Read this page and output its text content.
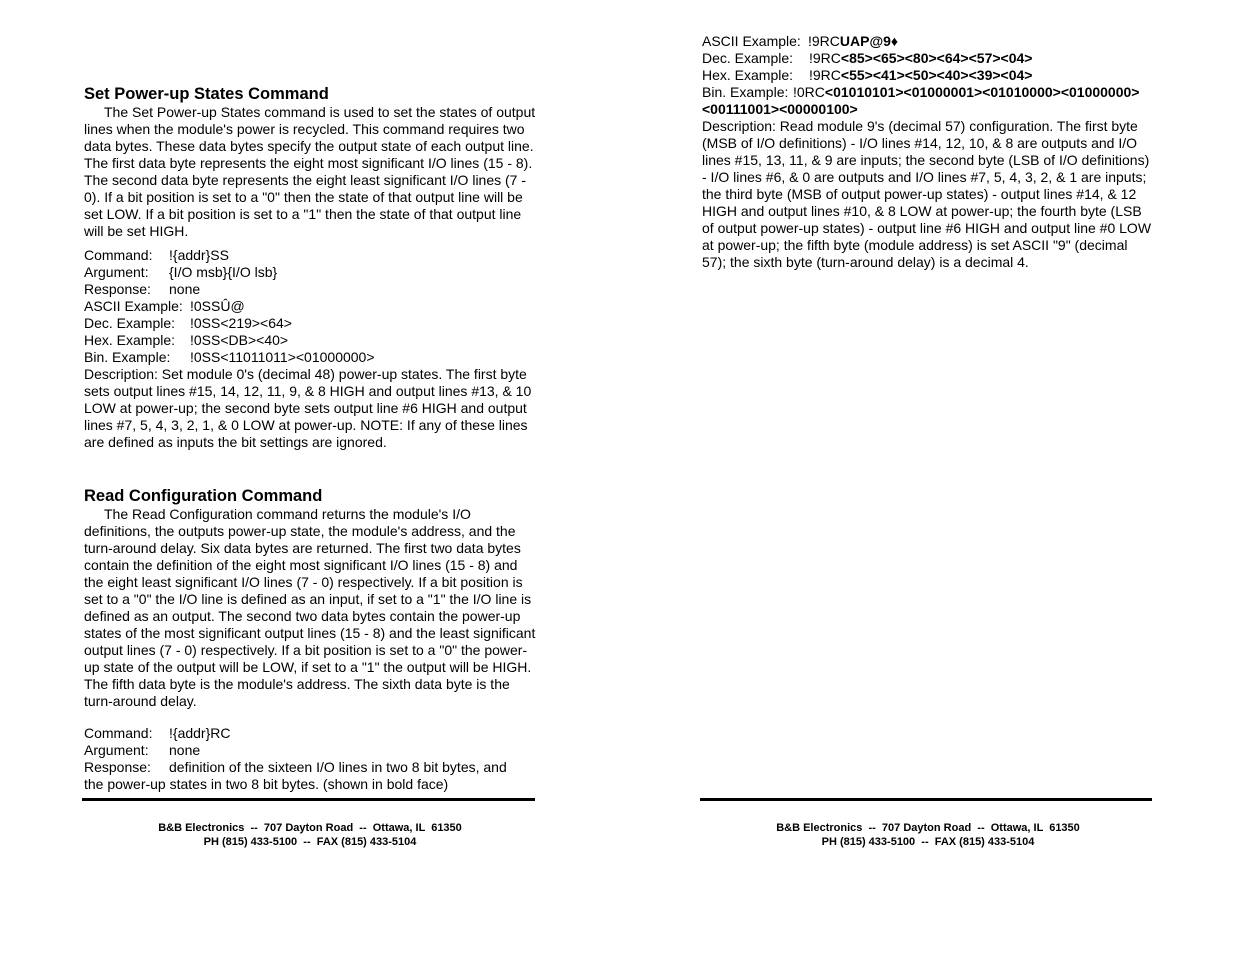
Set Power-up States Command

The Set Power-up States command is used to set the states of output lines when the module's power is recycled. This command requires two data bytes. These data bytes specify the output state of each output line. The first data byte represents the eight most significant I/O lines (15 - 8). The second data byte represents the eight least significant I/O lines (7 - 0). If a bit position is set to a "0" then the state of that output line will be set LOW. If a bit position is set to a "1" then the state of that output line will be set HIGH.

Command: !{addr}SS
Argument: {I/O msb}{I/O lsb}
Response: none
ASCII Example: !0SSÛ@
Dec. Example: !0SS<219><64>
Hex. Example: !0SS<DB><40>
Bin. Example: !0SS<11011011><01000000>

Description: Set module 0's (decimal 48) power-up states. The first byte sets output lines #15, 14, 12, 11, 9, & 8 HIGH and output lines #13, & 10 LOW at power-up; the second byte sets output line #6 HIGH and output lines #7, 5, 4, 3, 2, 1, & 0 LOW at power-up. NOTE: If any of these lines are defined as inputs the bit settings are ignored.

Read Configuration Command

The Read Configuration command returns the module's I/O definitions, the outputs power-up state, the module's address, and the turn-around delay. Six data bytes are returned. The first two data bytes contain the definition of the eight most significant I/O lines (15 - 8) and the eight least significant I/O lines (7 - 0) respectively. If a bit position is set to a "0" the I/O line is defined as an input, if set to a "1" the I/O line is defined as an output. The second two data bytes contain the power-up states of the most significant output lines (15 - 8) and the least significant output lines (7 - 0) respectively. If a bit position is set to a "0" the power-up state of the output will be LOW, if set to a "1" the output will be HIGH. The fifth data byte is the module's address. The sixth data byte is the turn-around delay.

Command: !{addr}RC
Argument: none
Response: definition of the sixteen I/O lines in two 8 bit bytes, and
the power-up states in two 8 bit bytes. (shown in bold face)
B&B Electronics  --  707 Dayton Road  --  Ottawa, IL  61350
PH (815) 433-5100  --  FAX (815) 433-5104
ASCII Example: !9RCUAP@9♦
Dec. Example: !9RC<85><65><80><64><57><04>
Hex. Example: !9RC<55><41><50><40><39><04>
Bin. Example: !0RC<01010101><01000001><01010000><01000000>
<00111001><00000100>

Description: Read module 9's (decimal 57) configuration. The first byte (MSB of I/O definitions) - I/O lines #14, 12, 10, & 8 are outputs and I/O lines #15, 13, 11, & 9 are inputs; the second byte (LSB of I/O definitions) - I/O lines #6, & 0 are outputs and I/O lines #7, 5, 4, 3, 2, & 1 are inputs; the third byte (MSB of output power-up states) - output lines #14, & 12 HIGH and output lines #10, & 8 LOW at power-up; the fourth byte (LSB of output power-up states) - output line #6 HIGH and output line #0 LOW at power-up; the fifth byte (module address) is set ASCII "9" (decimal 57); the sixth byte (turn-around delay) is a decimal 4.

B&B Electronics  --  707 Dayton Road  --  Ottawa, IL  61350
PH (815) 433-5100  --  FAX (815) 433-5104
